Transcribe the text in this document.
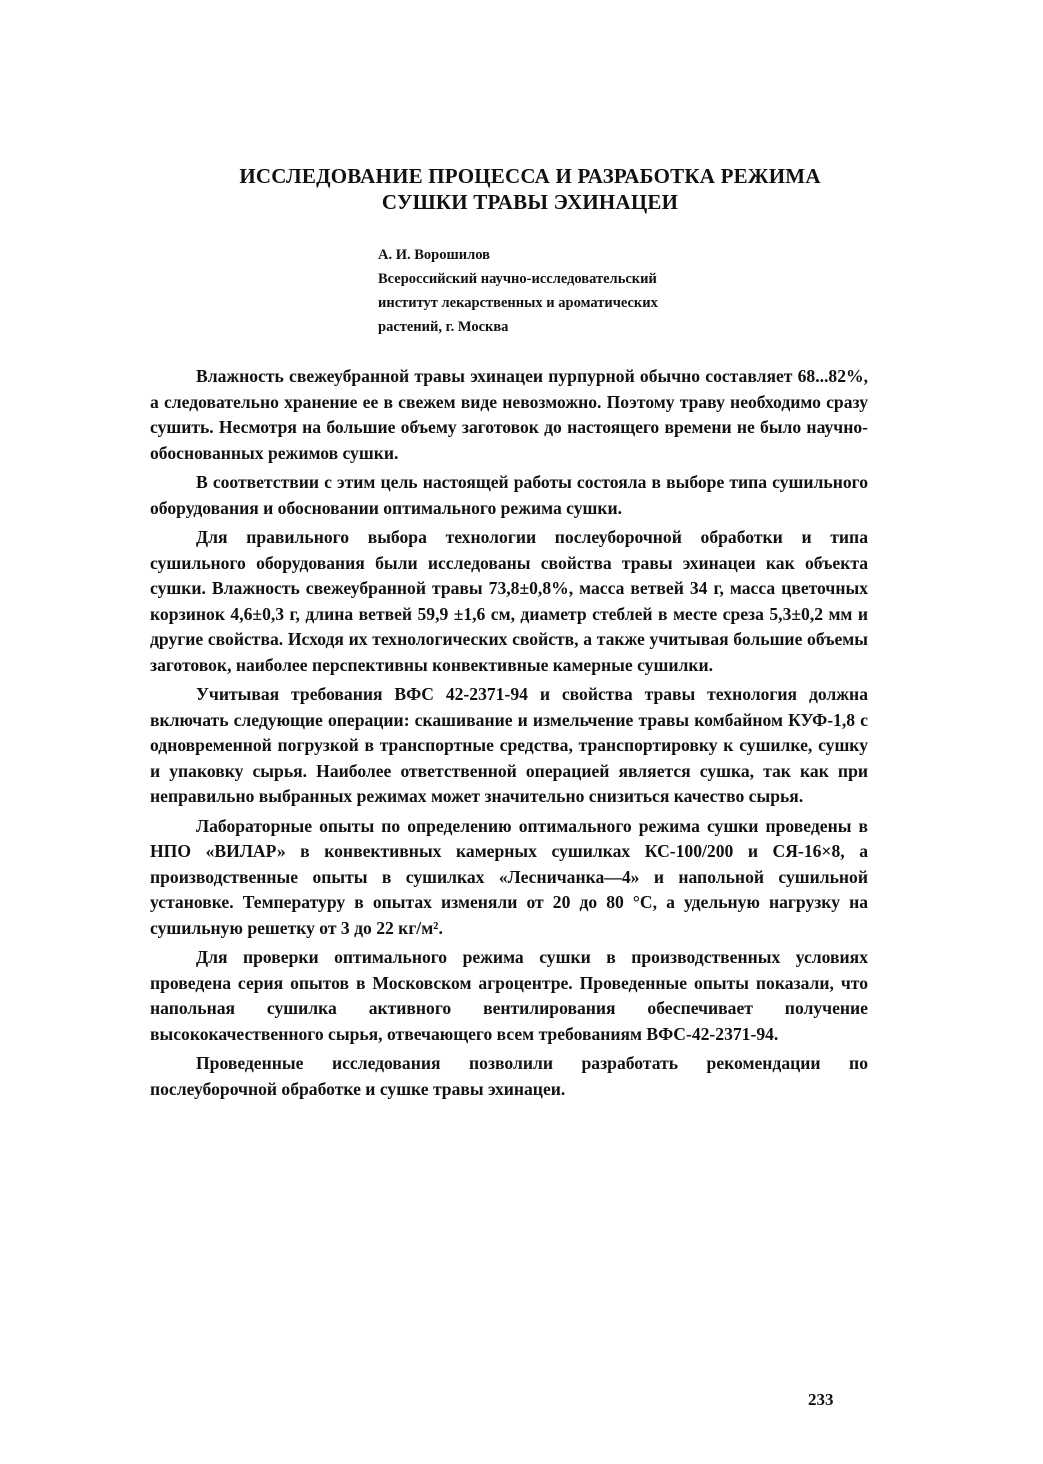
ИССЛЕДОВАНИЕ ПРОЦЕССА И РАЗРАБОТКА РЕЖИМА
СУШКИ ТРАВЫ ЭХИНАЦЕИ
А. И. Ворошилов
Всероссийский научно-исследовательский
институт лекарственных и ароматических
растений, г. Москва

Влажность свежеубранной травы эхинацеи пурпурной обычно составляет 68...82%, а следовательно хранение ее в свежем виде невозможно. Поэтому траву необходимо сразу сушить. Несмотря на большие объему заготовок до настоящего времени не было научно-обоснованных режимов сушки.

В соответствии с этим цель настоящей работы состояла в выборе типа сушильного оборудования и обосновании оптимального режима сушки.

Для правильного выбора технологии послеуборочной обработки и типа сушильного оборудования были исследованы свойства травы эхинацеи как объекта сушки. Влажность свежеубранной травы 73,8±0,8%, масса ветвей 34 г, масса цветочных корзинок 4,6±0,3 г, длина ветвей 59,9 ±1,6 см, диаметр стеблей в месте среза 5,3±0,2 мм и другие свойства. Исходя их технологических свойств, а также учитывая большие объемы заготовок, наиболее перспективны конвективные камерные сушилки.

Учитывая требования ВФС 42-2371-94 и свойства травы технология должна включать следующие операции: скашивание и измельчение травы комбайном КУФ-1,8 с одновременной погрузкой в транспортные средства, транспортировку к сушилке, сушку и упаковку сырья. Наиболее ответственной операцией является сушка, так как при неправильно выбранных режимах может значительно снизиться качество сырья.

Лабораторные опыты по определению оптимального режима сушки проведены в НПО «ВИЛАР» в конвективных камерных сушилках КС-100/200 и СЯ-16×8, а производственные опыты в сушилках «Лесничанка—4» и напольной сушильной установке. Температуру в опытах изменяли от 20 до 80 °С, а удельную нагрузку на сушильную решетку от 3 до 22 кг/м².

Для проверки оптимального режима сушки в производственных условиях проведена серия опытов в Московском агроцентре. Проведенные опыты показали, что напольная сушилка активного вентилирования обеспечивает получение высококачественного сырья, отвечающего всем требованиям ВФС-42-2371-94.

Проведенные исследования позволили разработать рекомендации по послеуборочной обработке и сушке травы эхинацеи.

233
